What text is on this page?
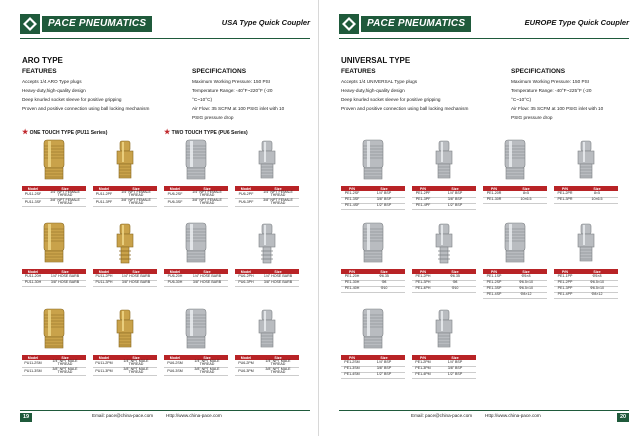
PACE PNEUMATICS	USA Type Quick Coupler
ARO TYPE
FEATURES
Accepts 1/4 ARO Type plugs
Heavy-duty,high-quality design
Deep knurled socket sleeve for positive gripping
Proven and positive connection using ball locking mechanism
SPECIFICATIONS
Maximum Working Pressure: 150 PSI
Temperature Range: -40°F~220°F (-20
°C~10°C)
Air Flow: 35 SCFM at 100 PSIG inlet with 10
PSIG pressure drop
★ ONE TOUCH TYPE (PU11 Series)	★ TWO TOUCH TYPE (PU6 Series)
Model	Size
PU11-2SF	1/4" NPT FEMALE THREAD
PU11-3SF	3/8" NPT FEMALE THREAD
Model	Size
PU11-2PF	1/4" NPT FEMALE THREAD
PU11-3PF	3/8" NPT FEMALE THREAD
Model	Size
PU6-2SF	1/4" NPT FEMALE THREAD
PU6-3SF	3/8" NPT FEMALE THREAD
Model	Size
PU6-2PF	1/4" NPT FEMALE THREAD
PU6-3PF	3/8" NPT FEMALE THREAD
Model	Size
PU11-20H	1/4" HOSE BARB
PU11-30H	3/8" HOSE BARB
Model	Size
PU11-2PH	1/4" HOSE BARB
PU11-3PH	3/8" HOSE BARB
Model	Size
PU6-20H	1/4" HOSE BARB
PU6-30H	3/8" HOSE BARB
Model	Size
PU6-2PH	1/4" HOSE BARB
PU6-3PH	3/8" HOSE BARB
Model	Size
PU11-2SM	1/4" NPT MALE THREAD
PU11-3SM	3/8" NPT MALE THREAD
Model	Size
PU11-2PM	1/4" NPT MALE THREAD
PU11-3PM	3/8" NPT MALE THREAD
Model	Size
PU6-2SM	1/4" NPT MALE THREAD
PU6-3SM	3/8" NPT MALE THREAD
Model	Size
PU6-2PM	1/4" NPT MALE THREAD
PU6-3PM	3/8" NPT MALE THREAD
19	Email: pace@china-pace.com	Http://www.china-pace.com
PACE PNEUMATICS	EUROPE Type Quick Coupler
UNIVERSAL TYPE
FEATURES
Accepts 1/4 UNIVERSAL Type plugs
Heavy-duty,high-quality design
Deep knurled socket sleeve for positive gripping
Proven and positive connection using ball locking mechanism
SPECIFICATIONS
Maximum Working Pressure: 150 PSI
Temperature Range: -40°F~225°F (-20
°C~10°C)
Air Flow: 35 SCFM at 100 PSIG inlet with 10
PSIG pressure drop
P/N	Size
PE1-2SF	1/4" BSP
PE1-3SF	3/8" BSP
PE1-4SF	1/2" BSP
P/N	Size
PE1-2PF	1/4" BSP
PE1-3PF	3/8" BSP
PE1-4PF	1/2" BSP
P/N	Size
PE1-20R	8×5
PE1-30R	10×6.5
P/N	Size
PE1-2PR	8×5
PE1-3PR	10×6.5
P/N	Size
PE1-20H	Φ6.35
PE1-30H	Φ8
PE1-40H	Φ10
P/N	Size
PE1-2PH	Φ6.35
PE1-3PH	Φ8
PE1-4PH	Φ10
P/N	Size
PE1-1SP	Φ5×8
PE1-2SP	Φ6.5×10
PE1-3SP	Φ6.5×10
PE1-4SP	Φ8×12
P/N	Size
PE1-1PP	Φ5×8
PE1-2PP	Φ6.5×10
PE1-3PP	Φ6.5×10
PE1-4PP	Φ8×12
P/N	Size
PE1-2SM	1/4" BSP
PE1-3SM	3/8" BSP
PE1-4SM	1/2" BSP
P/N	Size
PE1-2PM	1/4" BSP
PE1-3PM	3/8" BSP
PE1-4PM	1/2" BSP
Email: pace@china-pace.com	Http://www.china-pace.com	20
